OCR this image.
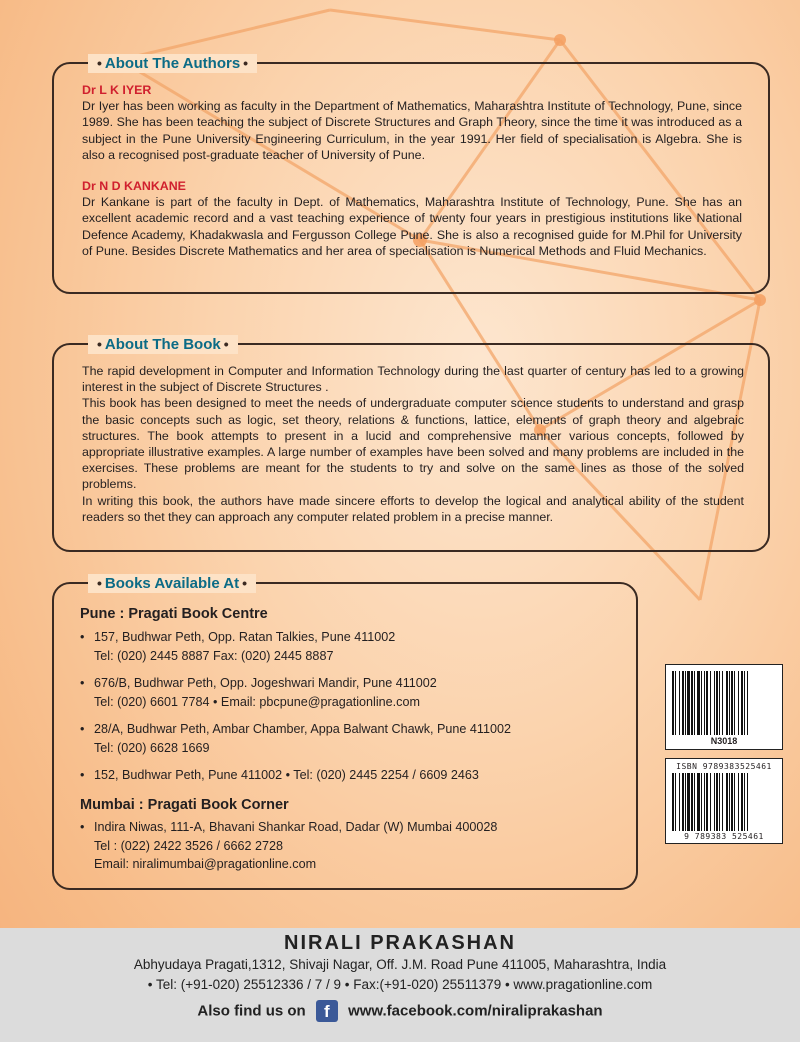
• About The Authors •
Dr L K IYER
Dr Iyer has been working as faculty in the Department of Mathematics, Maharashtra Institute of Technology, Pune, since 1989. She has been teaching the subject of Discrete Structures and Graph Theory, since the time it was introduced as a subject in the Pune University Engineering Curriculum, in the year 1991. Her field of specialisation is Algebra. She is also a recognised post-graduate teacher of University of Pune.
Dr N D KANKANE
Dr Kankane is part of the faculty in Dept. of Mathematics, Maharashtra Institute of Technology, Pune. She has an excellent academic record and a vast teaching experience of twenty four years in prestigious institutions like National Defence Academy, Khadakwasla and Fergusson College Pune. She is also a recognised guide for M.Phil for University of Pune. Besides Discrete Mathematics and her area of specialisation is Numerical Methods and Fluid Mechanics.
• About The Book •

The rapid development in Computer and Information Technology during the last quarter of century has led to a growing interest in the subject of Discrete Structures .

This book has been designed to meet the needs of undergraduate computer science students to understand and grasp the basic concepts such as logic, set theory, relations & functions, lattice, elements of graph theory and algebraic structures. The book attempts to present in a lucid and comprehensive manner various concepts, followed by appropriate illustrative examples. A large number of examples have been solved and many problems are included in the exercises. These problems are meant for the students to try and solve on the same lines as those of the solved problems.

In writing this book, the authors have made sincere efforts to develop the logical and analytical ability of the student readers so thet they can approach any computer related problem in a precise manner.

• Books Available At •
Pune : Pragati Book Centre
• 157, Budhwar Peth, Opp. Ratan Talkies, Pune 411002
Tel: (020) 2445 8887 Fax: (020) 2445 8887
• 676/B, Budhwar Peth, Opp. Jogeshwari Mandir, Pune 411002
Tel: (020) 6601 7784 • Email: pbcpune@pragationline.com
• 28/A, Budhwar Peth, Ambar Chamber, Appa Balwant Chawk, Pune 411002
Tel: (020) 6628 1669
• 152, Budhwar Peth, Pune 411002 • Tel: (020) 2445 2254 / 6609 2463
Mumbai : Pragati Book Corner
• Indira Niwas, 111-A, Bhavani Shankar Road, Dadar (W) Mumbai 400028
Tel : (022) 2422 3526 / 6662 2728
Email: niralimumbai@pragationline.com
N3018
ISBN 9789383525461
9 789383 525461
NIRALI PRAKASHAN
Abhyudaya Pragati,1312, Shivaji Nagar, Off. J.M. Road Pune 411005, Maharashtra, India
• Tel: (+91-020) 25512336 / 7 / 9 • Fax:(+91-020) 25511379 • www.pragationline.com
Also find us on f www.facebook.com/niraliprakashan
